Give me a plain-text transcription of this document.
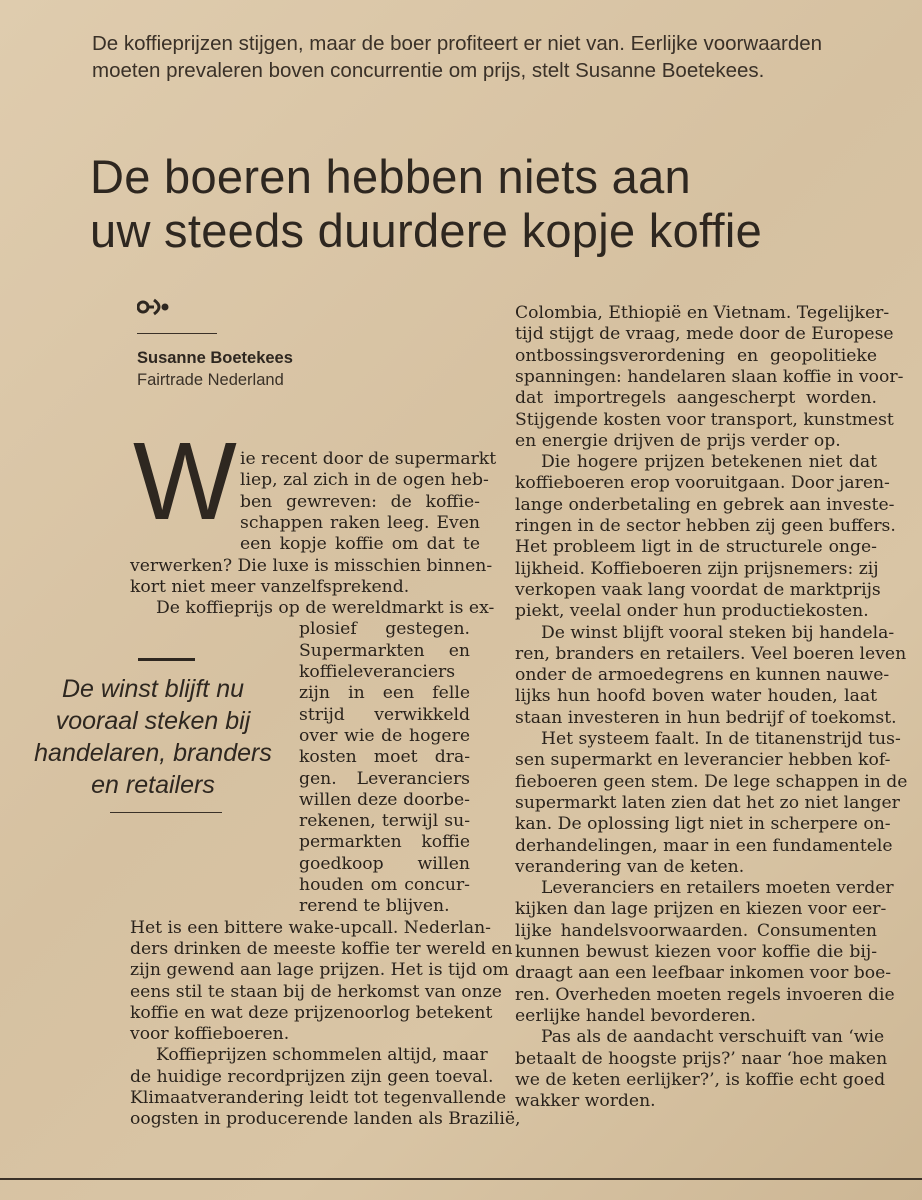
De koffieprijzen stijgen, maar de boer profiteert er niet van. Eerlijke voorwaarden moeten prevaleren boven concurrentie om prijs, stelt Susanne Boetekees.

De boeren hebben niets aan
uw steeds duurdere kopje koffie
Susanne Boetekees
Fairtrade Nederland
W

De winst blijft nu vooraal steken bij handelaren, branders en retailers

ie recent door de supermarkt
liep, zal zich in de ogen heb-
ben gewreven: de koffie-
schappen raken leeg. Even
een kopje koffie om dat te
verwerken? Die luxe is misschien binnen-
kort niet meer vanzelfsprekend.
De koffieprijs op de wereldmarkt is ex-
plosief gestegen.
Supermarkten en
koffieleveranciers
zijn in een felle
strijd verwikkeld
over wie de hogere
kosten moet dra-
gen. Leveranciers
willen deze doorbe-
rekenen, terwijl su-
permarkten koffie
goedkoop willen
houden om concur-
rerend te blijven.
Het is een bittere wake-upcall. Nederlan-
ders drinken de meeste koffie ter wereld en
zijn gewend aan lage prijzen. Het is tijd om
eens stil te staan bij de herkomst van onze
koffie en wat deze prijzenoorlog betekent
voor koffieboeren.
Koffieprijzen schommelen altijd, maar
de huidige recordprijzen zijn geen toeval.
Klimaatverandering leidt tot tegenvallende
oogsten in producerende landen als Brazilië,
Colombia, Ethiopië en Vietnam. Tegelijker-
tijd stijgt de vraag, mede door de Europese
ontbossingsverordening en geopolitieke
spanningen: handelaren slaan koffie in voor-
dat importregels aangescherpt worden.
Stijgende kosten voor transport, kunstmest
en energie drijven de prijs verder op.
Die hogere prijzen betekenen niet dat
koffieboeren erop vooruitgaan. Door jaren-
lange onderbetaling en gebrek aan investe-
ringen in de sector hebben zij geen buffers.
Het probleem ligt in de structurele onge-
lijkheid. Koffieboeren zijn prijsnemers: zij
verkopen vaak lang voordat de marktprijs
piekt, veelal onder hun productiekosten.
De winst blijft vooral steken bij handela-
ren, branders en retailers. Veel boeren leven
onder de armoedegrens en kunnen nauwe-
lijks hun hoofd boven water houden, laat
staan investeren in hun bedrijf of toekomst.
Het systeem faalt. In de titanenstrijd tus-
sen supermarkt en leverancier hebben kof-
fieboeren geen stem. De lege schappen in de
supermarkt laten zien dat het zo niet langer
kan. De oplossing ligt niet in scherpere on-
derhandelingen, maar in een fundamentele
verandering van de keten.
Leveranciers en retailers moeten verder
kijken dan lage prijzen en kiezen voor eer-
lijke handelsvoorwaarden. Consumenten
kunnen bewust kiezen voor koffie die bij-
draagt aan een leefbaar inkomen voor boe-
ren. Overheden moeten regels invoeren die
eerlijke handel bevorderen.
Pas als de aandacht verschuift van ‘wie
betaalt de hoogste prijs?’ naar ‘hoe maken
we de keten eerlijker?’, is koffie echt goed
wakker worden.
